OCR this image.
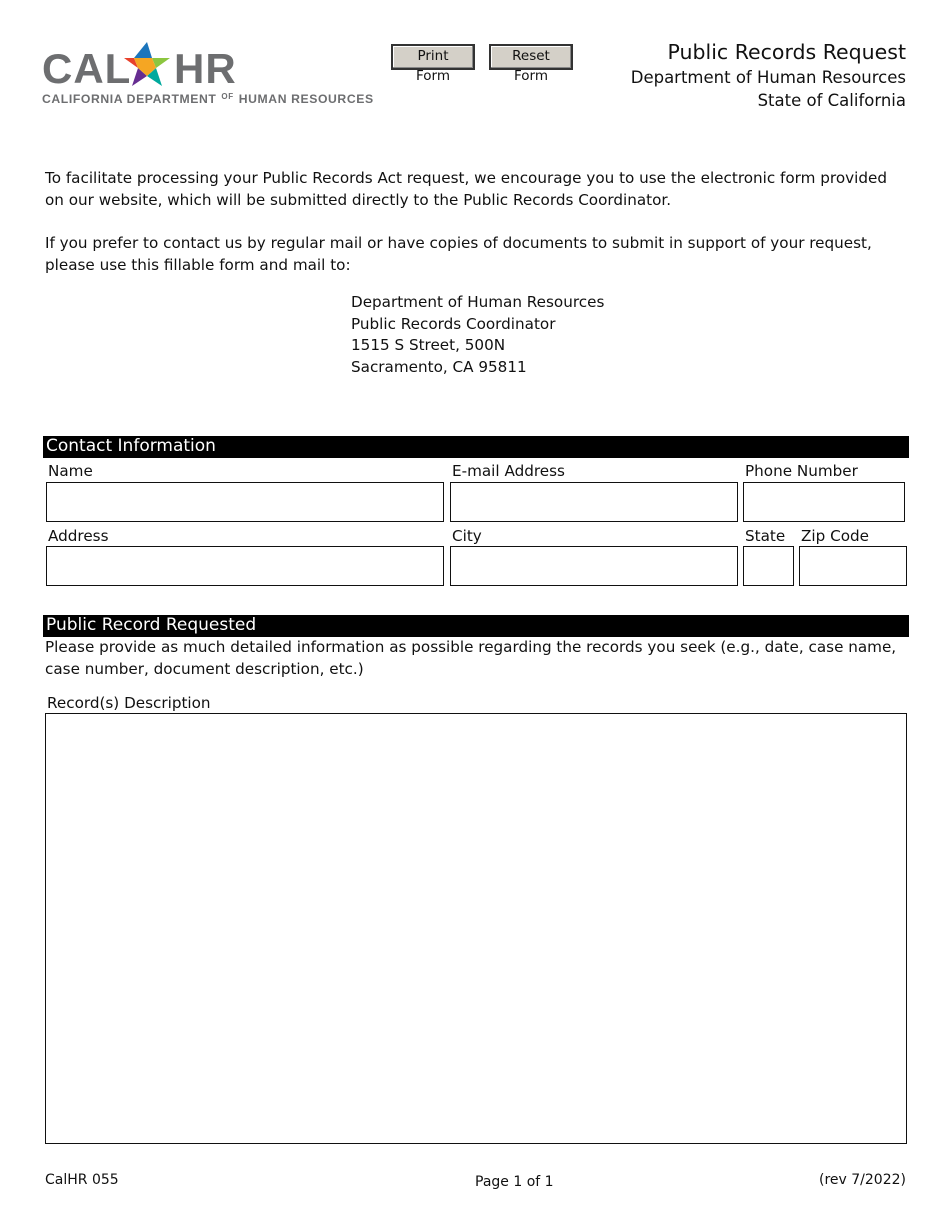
CAL HR
CALIFORNIA DEPARTMENT $^{OF}$ HUMAN RESOURCES
Print Form
Reset Form
Public Records Request
Department of Human Resources
State of California
To facilitate processing your Public Records Act request, we encourage you to use the electronic form provided on our website, which will be submitted directly to the Public Records Coordinator.
If you prefer to contact us by regular mail or have copies of documents to submit in support of your request, please use this fillable form and mail to:
Department of Human Resources
Public Records Coordinator
1515 S Street, 500N
Sacramento, CA 95811
Contact Information
Name	E-mail Address	Phone Number
Address	City	State Zip Code
Public Record Requested
Please provide as much detailed information as possible regarding the records you seek (e.g., date, case name, case number, document description, etc.)
Record(s) Description
CalHR 055	Page 1 of 1	(rev 7/2022)
